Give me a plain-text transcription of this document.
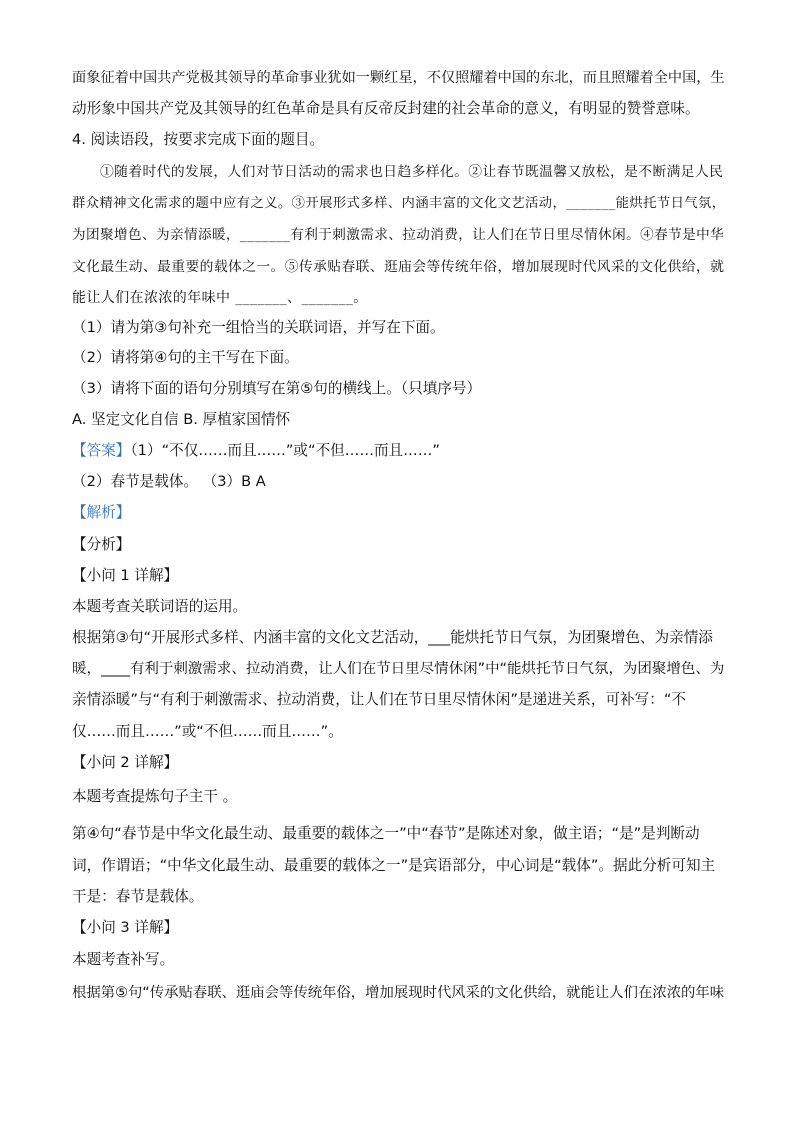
面象征着中国共产党极其领导的革命事业犹如一颗红星，不仅照耀着中国的东北，而且照耀着全中国，生
动形象中国共产党及其领导的红色革命是具有反帝反封建的社会革命的意义，有明显的赞誉意味。
4. 阅读语段，按要求完成下面的题目。
①随着时代的发展，人们对节日活动的需求也日趋多样化。②让春节既温馨又放松，是不断满足人民
群众精神文化需求的题中应有之义。③开展形式多样、内涵丰富的文化文艺活动，_______能烘托节日气氛，
为团聚增色、为亲情添暖，_______有利于刺激需求、拉动消费，让人们在节日里尽情休闲。④春节是中华
文化最生动、最重要的载体之一。⑤传承贴春联、逛庙会等传统年俗，增加展现时代风采的文化供给，就
能让人们在浓浓的年味中 _______、_______。
（1）请为第③句补充一组恰当的关联词语，并写在下面。
（2）请将第④句的主干写在下面。
（3）请将下面的语句分别填写在第⑤句的横线上。（只填序号）
A. 坚定文化自信 B. 厚植家国情怀
【答案】（1）“不仅……而且……”或“不但……而且……”
（2）春节是载体。 （3）B A
【解析】
【分析】
【小问 1 详解】
本题考查关联词语的运用。
根据第③句“开展形式多样、内涵丰富的文化文艺活动，___能烘托节日气氛，为团聚增色、为亲情添
暖，____有利于刺激需求、拉动消费，让人们在节日里尽情休闲”中“能烘托节日气氛，为团聚增色、为
亲情添暖”与“有利于刺激需求、拉动消费，让人们在节日里尽情休闲”是递进关系，可补写：“不
仅……而且……”或“不但……而且……”。
【小问 2 详解】
本题考查提炼句子主干 。
第④句“春节是中华文化最生动、最重要的载体之一”中“春节”是陈述对象，做主语；“是”是判断动
词，作谓语；“中华文化最生动、最重要的载体之一”是宾语部分，中心词是“载体”。据此分析可知主
干是：春节是载体。
【小问 3 详解】
本题考查补写。
根据第⑤句“传承贴春联、逛庙会等传统年俗，增加展现时代风采的文化供给，就能让人们在浓浓的年味
